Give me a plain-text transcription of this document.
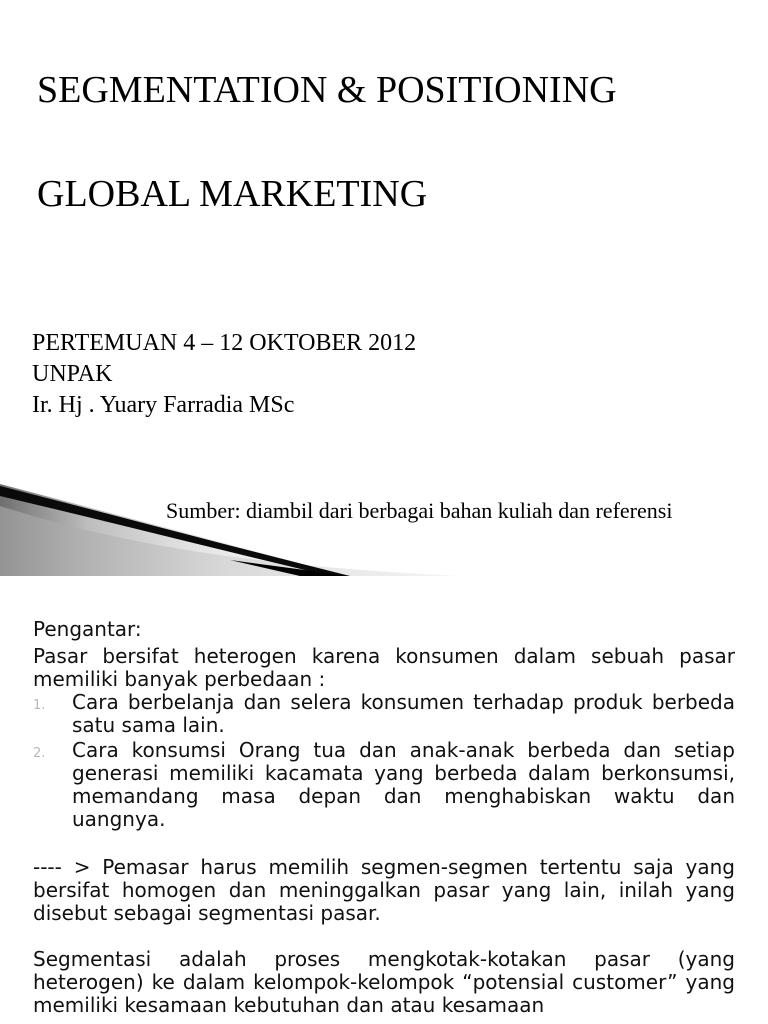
SEGMENTATION & POSITIONING
GLOBAL MARKETING
PERTEMUAN 4 – 12 OKTOBER 2012
UNPAK
Ir. Hj . Yuary Farradia MSc
Sumber: diambil dari berbagai bahan kuliah dan referensi

Pengantar:

Pasar bersifat heterogen karena konsumen dalam sebuah pasar memiliki banyak perbedaan :

1. Cara berbelanja dan selera konsumen terhadap produk berbeda satu sama lain.
2. Cara konsumsi Orang tua dan anak-anak berbeda dan setiap generasi memiliki kacamata yang berbeda dalam berkonsumsi, memandang masa depan dan menghabiskan waktu dan uangnya.

---- > Pemasar harus memilih segmen-segmen tertentu saja yang bersifat homogen dan meninggalkan pasar yang lain, inilah yang disebut sebagai segmentasi pasar.

Segmentasi adalah proses mengkotak-kotakan pasar (yang heterogen) ke dalam kelompok-kelompok “potensial customer” yang memiliki kesamaan kebutuhan dan atau kesamaan
